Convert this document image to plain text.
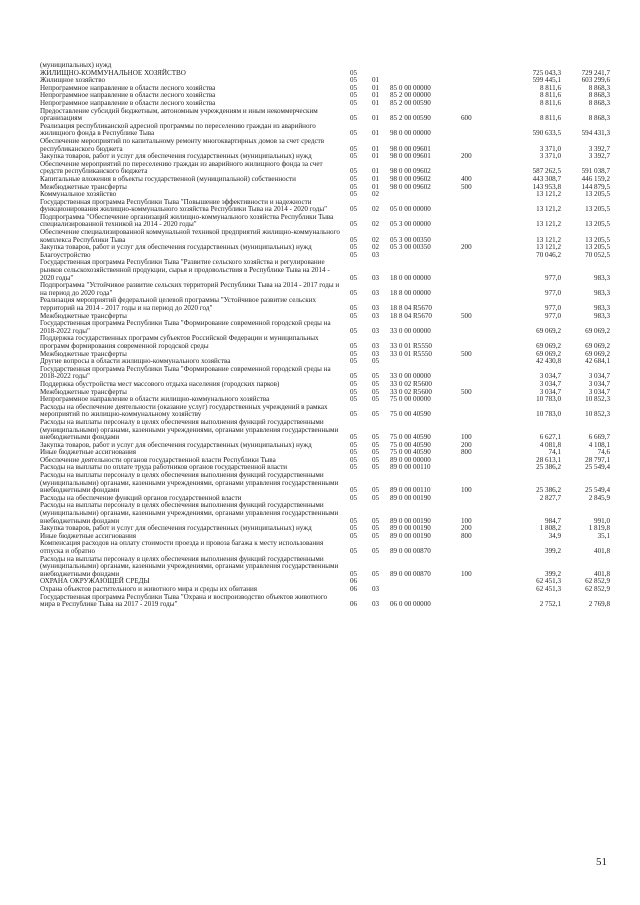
(муниципальных) нужд
ЖИЛИЩНО-КОММУНАЛЬНОЕ ХОЗЯЙСТВО	05	725 043,3	729 241,7
Жилищное хозяйство	05 01	599 445,1	603 299,6
Непрограммное направление в области лесного хозяйства	05 01 85 0 00 00000	8 811,6	8 868,3
Непрограммное направление в области лесного хозяйства	05 01 85 2 00 00000	8 811,6	8 868,3
Непрограммное направление в области лесного хозяйства	05 01 85 2 00 00590	8 811,6	8 868,3
Предоставление субсидий бюджетным, автономным учреждениям и иным некоммерческим организациям	05 01 85 2 00 00590	600	8 811,6	8 868,3
Реализация республиканской адресной программы по переселению граждан из аварийного жилищного фонда в Республике Тыва	05 01 98 0 00 00000	590 633,5	594 431,3
Обеспечение мероприятий по капитальному ремонту многоквартирных домов за счет средств республиканского бюджета	05 01 98 0 00 09601	3 371,0	3 392,7
Закупка товаров, работ и услуг для обеспечения государственных (муниципальных) нужд	05 01 98 0 00 09601	200	3 371,0	3 392,7
Обеспечение мероприятий по переселению граждан из аварийного жилищного фонда за счет средств республиканского бюджета	05 01 98 0 00 09602	587 262,5	591 038,7
Капитальные вложения в объекты государственной (муниципальной) собственности	05 01 98 0 00 09602	400	443 308,7	446 159,2
Межбюджетные трансферты	05 01 98 0 00 09602	500	143 953,8	144 879,5
Коммунальное хозяйство	05 02	13 121,2	13 205,5
Государственная программа Республики Тыва "Повышение эффективности и надежности функционирования жилищно-коммунального хозяйства Республики Тыва на 2014 - 2020 годы"	05 02 05 0 00 00000	13 121,2	13 205,5
Подпрограмма "Обеспечение организаций жилищно-коммунального хозяйства Республики Тыва специализированной техникой на 2014 - 2020 годы"	05 02 05 3 00 00000	13 121,2	13 205,5
Обеспечение специализированной коммунальной техникой предприятий жилищно-коммунального комплекса Республики Тыва	05 02 05 3 00 00350	13 121,2	13 205,5
Закупка товаров, работ и услуг для обеспечения государственных (муниципальных) нужд	05 02 05 3 00 00350	200	13 121,2	13 205,5
Благоустройство	05 03	70 046,2	70 052,5
Государственная программа Республики Тыва "Развитие сельского хозяйства и регулирование рынков сельскохозяйственной продукции, сырья и продовольствия в Республике Тыва на 2014 - 2020 годы"	05 03 18 0 00 00000	977,0	983,3
Подпрограмма "Устойчивое развитие сельских территорий Республики Тыва на 2014 - 2017 годы и на период до 2020 года"	05 03 18 8 00 00000	977,0	983,3
Реализация мероприятий федеральной целевой программы "Устойчивое развитие сельских территорий на 2014 - 2017 годы и на период до 2020 год"	05 03 18 8 04 R5670	977,0	983,3
Межбюджетные трансферты	05 03 18 8 04 R5670	500	977,0	983,3
Государственная программа Республики Тыва "Формирование современной городской среды на 2018-2022 годы"	05 03 33 0 00 00000	69 069,2	69 069,2
Поддержка государственных программ субъектов Российской Федерации и муниципальных программ формирования современной городской среды	05 03 33 0 01 R5550	69 069,2	69 069,2
Межбюджетные трансферты	05 03 33 0 01 R5550	500	69 069,2	69 069,2
Другие вопросы в области жилищно-коммунального хозяйства	05 05	42 430,8	42 684,1
Государственная программа Республики Тыва "Формирование современной городской среды на 2018-2022 годы"	05 05 33 0 00 00000	3 034,7	3 034,7
Поддержка обустройства мест массового отдыха населения (городских парков)	05 05 33 0 02 R5600	3 034,7	3 034,7
Межбюджетные трансферты	05 05 33 0 02 R5600	500	3 034,7	3 034,7
Непрограммное направление в области жилищно-коммунального хозяйства	05 05 75 0 00 00000	10 783,0	10 852,3
Расходы на обеспечение деятельности (оказание услуг) государственных учреждений в рамках мероприятий по жилищно-коммунальному хозяйству	05 05 75 0 00 40590	10 783,0	10 852,3
Расходы на выплаты персоналу в целях обеспечения выполнения функций государственными (муниципальными) органами, казенными учреждениями, органами управления государственными внебюджетными фондами	05 05 75 0 00 40590	100	6 627,1	6 669,7
Закупка товаров, работ и услуг для обеспечения государственных (муниципальных) нужд	05 05 75 0 00 40590	200	4 081,8	4 108,1
Иные бюджетные ассигнования	05 05 75 0 00 40590	800	74,1	74,6
Обеспечение деятельности органов государственной власти Республики Тыва	05 05 89 0 00 00000	28 613,1	28 797,1
Расходы на выплаты по оплате труда работников органов государственной власти	05 05 89 0 00 00110	25 386,2	25 549,4
Расходы на выплаты персоналу в целях обеспечения выполнения функций государственными (муниципальными) органами, казенными учреждениями, органами управления государственными внебюджетными фондами	05 05 89 0 00 00110	100	25 386,2	25 549,4
Расходы на обеспечение функций органов государственной власти	05 05 89 0 00 00190	2 827,7	2 845,9
Расходы на выплаты персоналу в целях обеспечения выполнения функций государственными (муниципальными) органами, казенными учреждениями, органами управления государственными внебюджетными фондами	05 05 89 0 00 00190	100	984,7	991,0
Закупка товаров, работ и услуг для обеспечения государственных (муниципальных) нужд	05 05 89 0 00 00190	200	1 808,2	1 819,8
Иные бюджетные ассигнования	05 05 89 0 00 00190	800	34,9	35,1
Компенсация расходов на оплату стоимости проезда и провоза багажа к месту использования отпуска и обратно	05 05 89 0 00 00870	399,2	401,8
Расходы на выплаты персоналу в целях обеспечения выполнения функций государственными (муниципальными) органами, казенными учреждениями, органами управления государственными внебюджетными фондами	05 05 89 0 00 00870	100	399,2	401,8
ОХРАНА ОКРУЖАЮЩЕЙ СРЕДЫ	06	62 451,3	62 852,9
Охрана объектов растительного и животного мира и среды их обитания	06 03	62 451,3	62 852,9
Государственная программа Республики Тыва "Охрана и воспроизводство объектов животного мира в Республике Тыва на 2017 - 2019 годы"	06 03 06 0 00 00000	2 752,1	2 769,8
51
